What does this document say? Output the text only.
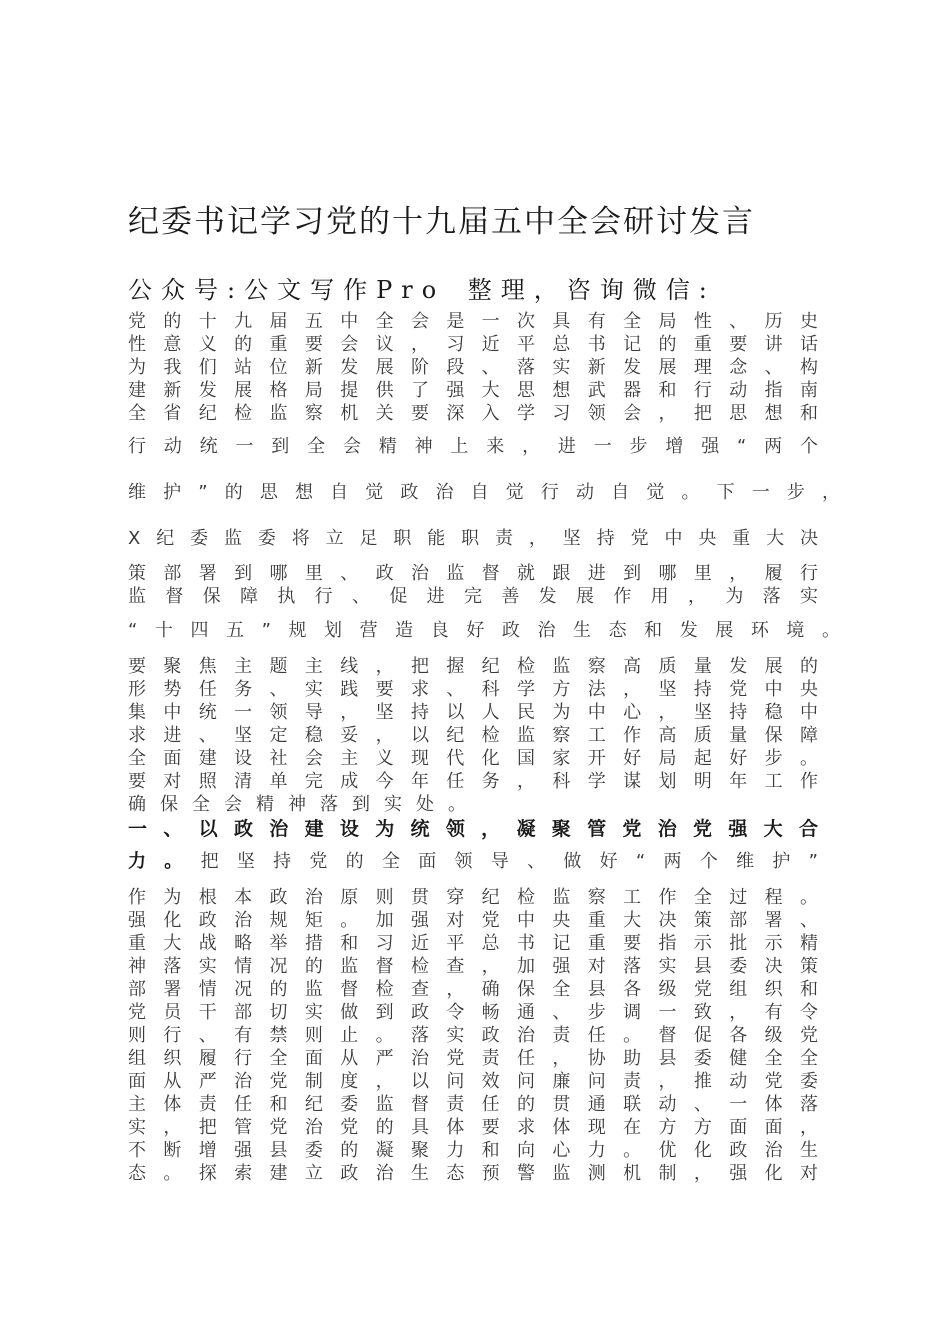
纪委书记学习党的十九届五中全会研讨发言
公众号:公文写作Pro 整理，咨询微信:
党的十九届五中全会是一次具有全局性、历史
性意义的重要会议，习近平总书记的重要讲话
为我们站位新发展阶段、落实新发展理念、构
建新发展格局提供了强大思想武器和行动指南
全省纪检监察机关要深入学习领会，把思想和
行动统一到全会精神上来，进一步增强“两个
维护”的思想自觉政治自觉行动自觉。下一步，
X纪委监委将立足职能职责，坚持党中央重大决
策部署到哪里、政治监督就跟进到哪里，履行
监督保障执行、促进完善发展作用，为落实
“十四五”规划营造良好政治生态和发展环境。
要聚焦主题主线，把握纪检监察高质量发展的
形势任务、实践要求、科学方法，坚持党中央
集中统一领导，坚持以人民为中心，坚持稳中
求进、坚定稳妥，以纪检监察工作高质量保障
全面建设社会主义现代化国家开好局起好步。
要对照清单完成今年任务，科学谋划明年工作
确保全会精神落到实处。
一、以政治建设为统领，凝聚管党治党强大合
力。把坚持党的全面领导、做好“两个维护”
作为根本政治原则贯穿纪检监察工作全过程。
强化政治规矩。加强对党中央重大决策部署、
重大战略举措和习近平总书记重要指示批示精
神落实情况的监督检查，加强对落实县委决策
部署情况的监督检查，确保全县各级党组织和
党员干部切实做到政令畅通、步调一致，有令
则行、有禁则止。落实政治责任。督促各级党
组织履行全面从严治党责任，协助县委健全全
面从严治党制度，以问效问廉问责，推动党委
主体责任和纪委监督责任的贯通联动、一体落
实，把管党治党的具体要求体现在方方面面，
不断增强县委的凝聚力和向心力。优化政治生
态。探索建立政治生态预警监测机制，强化对
